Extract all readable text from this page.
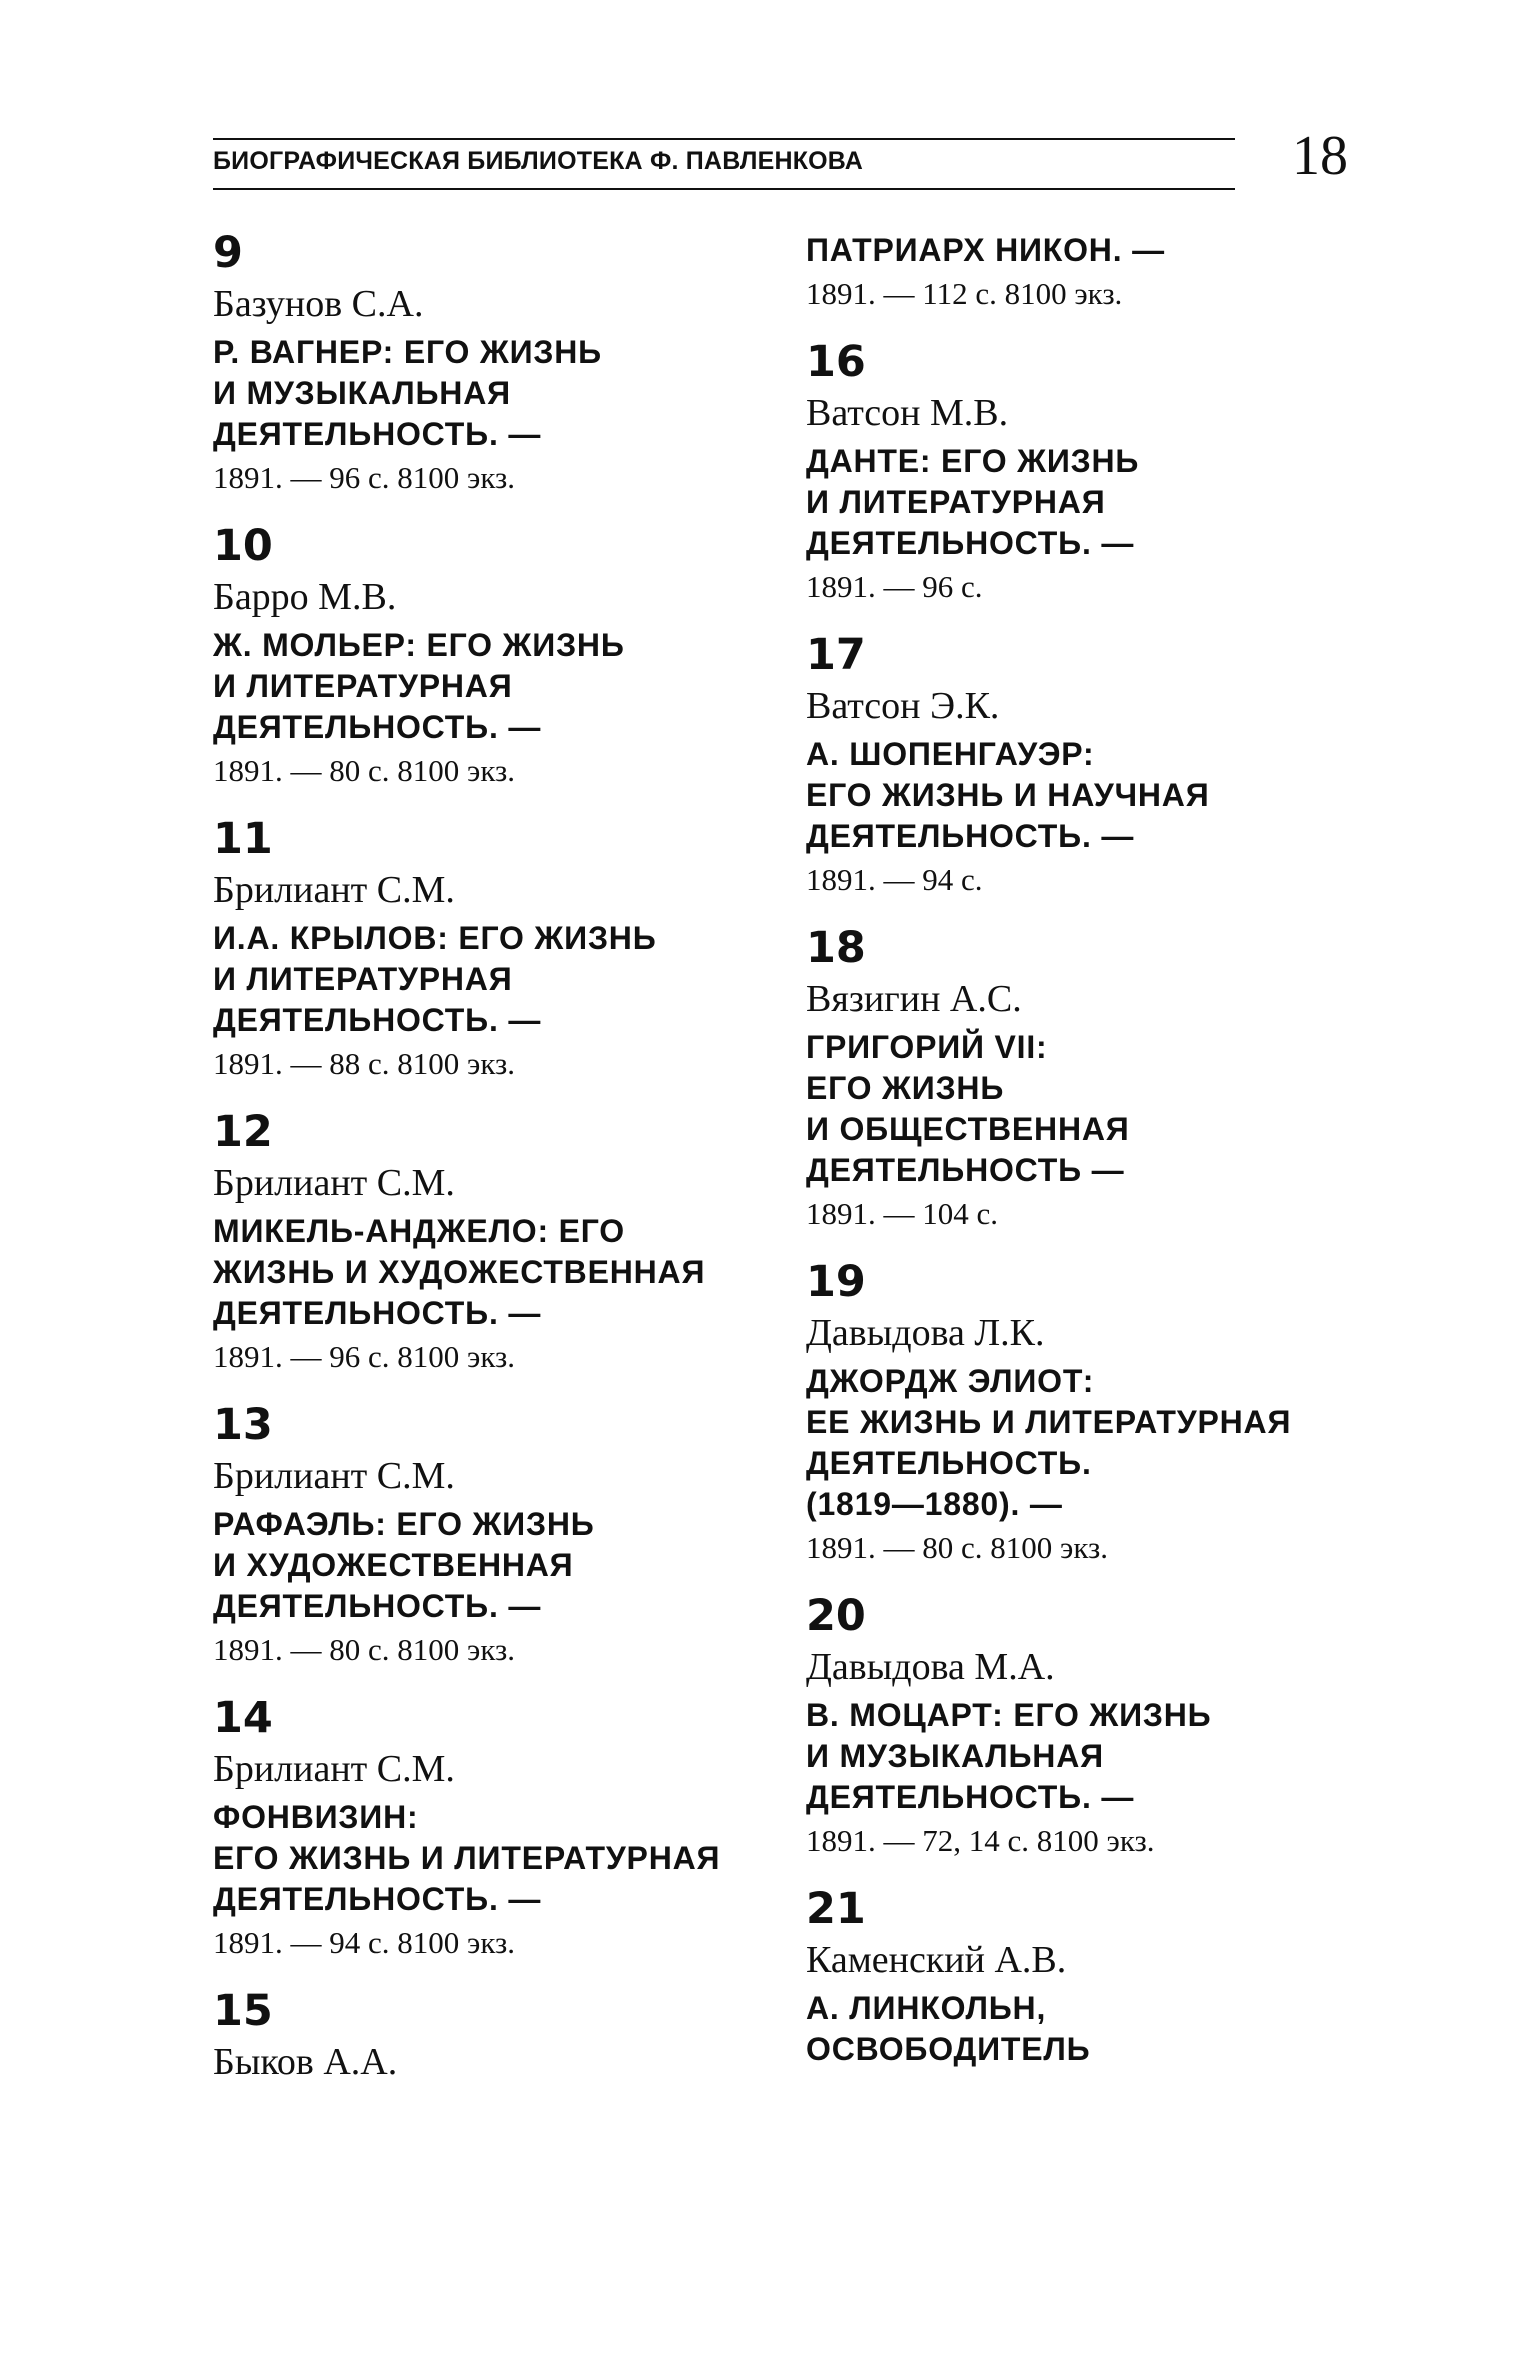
БИОГРАФИЧЕСКАЯ БИБЛИОТЕКА Ф. ПАВЛЕНКОВА	18
9
Базунов С.А.
Р. ВАГНЕР: ЕГО ЖИЗНЬ
И МУЗЫКАЛЬНАЯ
ДЕЯТЕЛЬНОСТЬ. —
1891. — 96 с. 8100 экз.
10
Барро М.В.
Ж. МОЛЬЕР: ЕГО ЖИЗНЬ
И ЛИТЕРАТУРНАЯ
ДЕЯТЕЛЬНОСТЬ. —
1891. — 80 с. 8100 экз.
11
Брилиант С.М.
И.А. КРЫЛОВ: ЕГО ЖИЗНЬ
И ЛИТЕРАТУРНАЯ
ДЕЯТЕЛЬНОСТЬ. —
1891. — 88 с. 8100 экз.
12
Брилиант С.М.
МИКЕЛЬ-АНДЖЕЛО: ЕГО
ЖИЗНЬ И ХУДОЖЕСТВЕННАЯ
ДЕЯТЕЛЬНОСТЬ. —
1891. — 96 с. 8100 экз.
13
Брилиант С.М.
РАФАЭЛЬ: ЕГО ЖИЗНЬ
И ХУДОЖЕСТВЕННАЯ
ДЕЯТЕЛЬНОСТЬ. —
1891. — 80 с. 8100 экз.
14
Брилиант С.М.
ФОНВИЗИН:
ЕГО ЖИЗНЬ И ЛИТЕРАТУРНАЯ
ДЕЯТЕЛЬНОСТЬ. —
1891. — 94 с. 8100 экз.
15
Быков А.А.
ПАТРИАРХ НИКОН. —
1891. — 112 с. 8100 экз.
16
Ватсон М.В.
ДАНТЕ: ЕГО ЖИЗНЬ
И ЛИТЕРАТУРНАЯ
ДЕЯТЕЛЬНОСТЬ. —
1891. — 96 с.
17
Ватсон Э.К.
А. ШОПЕНГАУЭР:
ЕГО ЖИЗНЬ И НАУЧНАЯ
ДЕЯТЕЛЬНОСТЬ. —
1891. — 94 с.
18
Вязигин А.С.
ГРИГОРИЙ VII:
ЕГО ЖИЗНЬ
И ОБЩЕСТВЕННАЯ
ДЕЯТЕЛЬНОСТЬ —
1891. — 104 с.
19
Давыдова Л.К.
ДЖОРДЖ ЭЛИОТ:
ЕЕ ЖИЗНЬ И ЛИТЕРАТУРНАЯ
ДЕЯТЕЛЬНОСТЬ.
(1819—1880). —
1891. — 80 с. 8100 экз.
20
Давыдова М.А.
В. МОЦАРТ: ЕГО ЖИЗНЬ
И МУЗЫКАЛЬНАЯ
ДЕЯТЕЛЬНОСТЬ. —
1891. — 72, 14 с. 8100 экз.
21
Каменский А.В.
А. ЛИНКОЛЬН,
ОСВОБОДИТЕЛЬ
